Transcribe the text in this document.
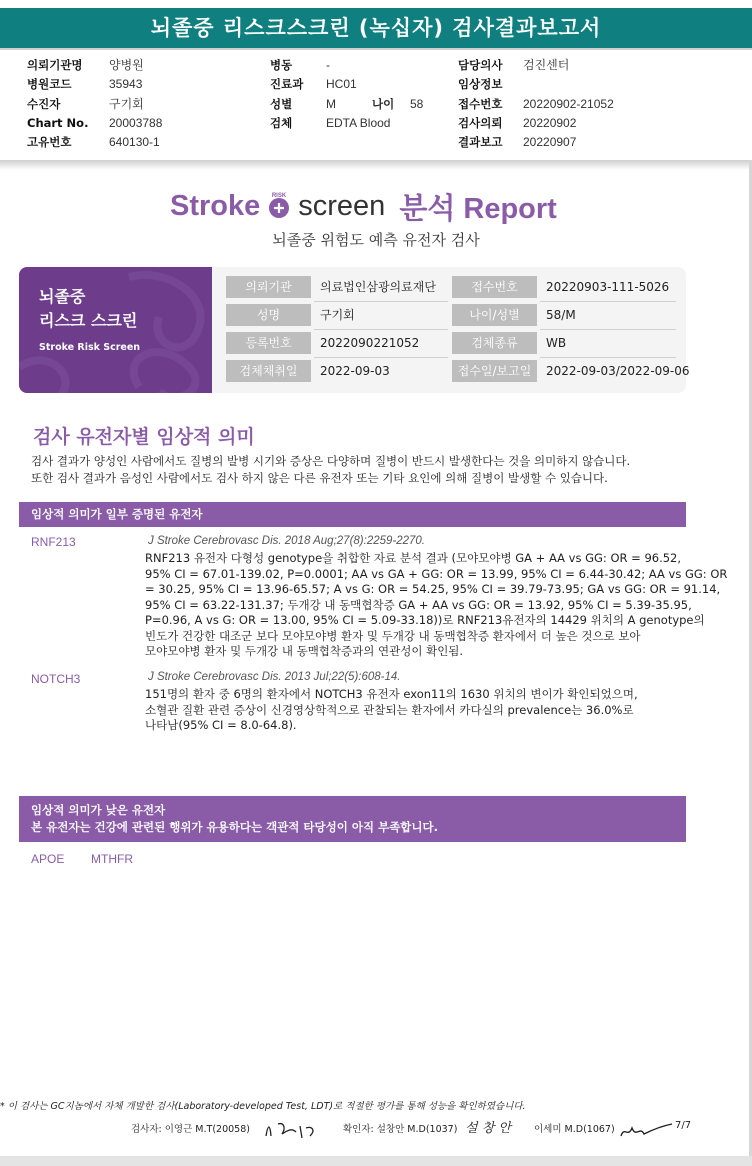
뇌졸중 리스크스크린 (녹십자) 검사결과보고서
의뢰기관명	양병원
병원코드	35943
수진자	구기회
Chart No.	20003788
고유번호	640130-1
병동	-
진료과	HC01
성별	M	나이	58
검체	EDTA Blood
담당의사	검진센터
임상정보
접수번호	20220902-21052
검사의뢰	20220902
결과보고	20220907
Stroke RISK screen 분석 Report
뇌졸중 위험도 예측 유전자 검사
뇌졸중
리스크 스크린
Stroke Risk Screen
의뢰기관	의료법인삼광의료재단	접수번호	20220903-111-5026
성명	구기회	나이/성별	58/M
등록번호	2022090221052	검체종류	WB
검체채취일	2022-09-03	접수일/보고일	2022-09-03/2022-09-06
검사 유전자별 임상적 의미

검사 결과가 양성인 사람에서도 질병의 발병 시기와 증상은 다양하며 질병이 반드시 발생한다는 것을 의미하지 않습니다.

또한 검사 결과가 음성인 사람에서도 검사 하지 않은 다른 유전자 또는 기타 요인에 의해 질병이 발생할 수 있습니다.

임상적 의미가 일부 증명된 유전자
RNF213	J Stroke Cerebrovasc Dis. 2018 Aug;27(8):2259-2270.

RNF213 유전자 다형성 genotype을 취합한 자료 분석 결과 (모야모야병 GA + AA vs GG: OR = 96.52,

95% CI = 67.01-139.02, P=0.0001; AA vs GA + GG: OR = 13.99, 95% CI = 6.44-30.42; AA vs GG: OR

= 30.25, 95% CI = 13.96-65.57; A vs G: OR = 54.25, 95% CI = 39.79-73.95; GA vs GG: OR = 91.14,

95% CI = 63.22-131.37; 두개강 내 동맥협착증 GA + AA vs GG: OR = 13.92, 95% CI = 5.39-35.95,

P=0.96, A vs G: OR = 13.00, 95% CI = 5.09-33.18))로 RNF213유전자의 14429 위치의 A genotype의

빈도가 건강한 대조군 보다 모야모야병 환자 및 두개강 내 동맥협착증 환자에서 더 높은 것으로 보아

모야모야병 환자 및 두개강 내 동맥협착증과의 연관성이 확인됨.

NOTCH3	J Stroke Cerebrovasc Dis. 2013 Jul;22(5):608-14.

151명의 환자 중 6명의 환자에서 NOTCH3 유전자 exon11의 1630 위치의 변이가 확인되었으며,

소혈관 질환 관련 증상이 신경영상학적으로 관찰되는 환자에서 카다실의 prevalence는 36.0%로

나타남(95% CI = 8.0-64.8).

임상적 의미가 낮은 유전자
본 유전자는 건강에 관련된 행위가 유용하다는 객관적 타당성이 아직 부족합니다.
APOE MTHFR
* 이 검사는 GC지놈에서 자체 개발한 검사(Laboratory-developed Test, LDT)로 적절한 평가를 통해 성능을 확인하였습니다.
검사자: 이영근 M.T(20058)	확인자: 설창안 M.D(1037) 설 창 안 이세미 M.D(1067)	7/7
